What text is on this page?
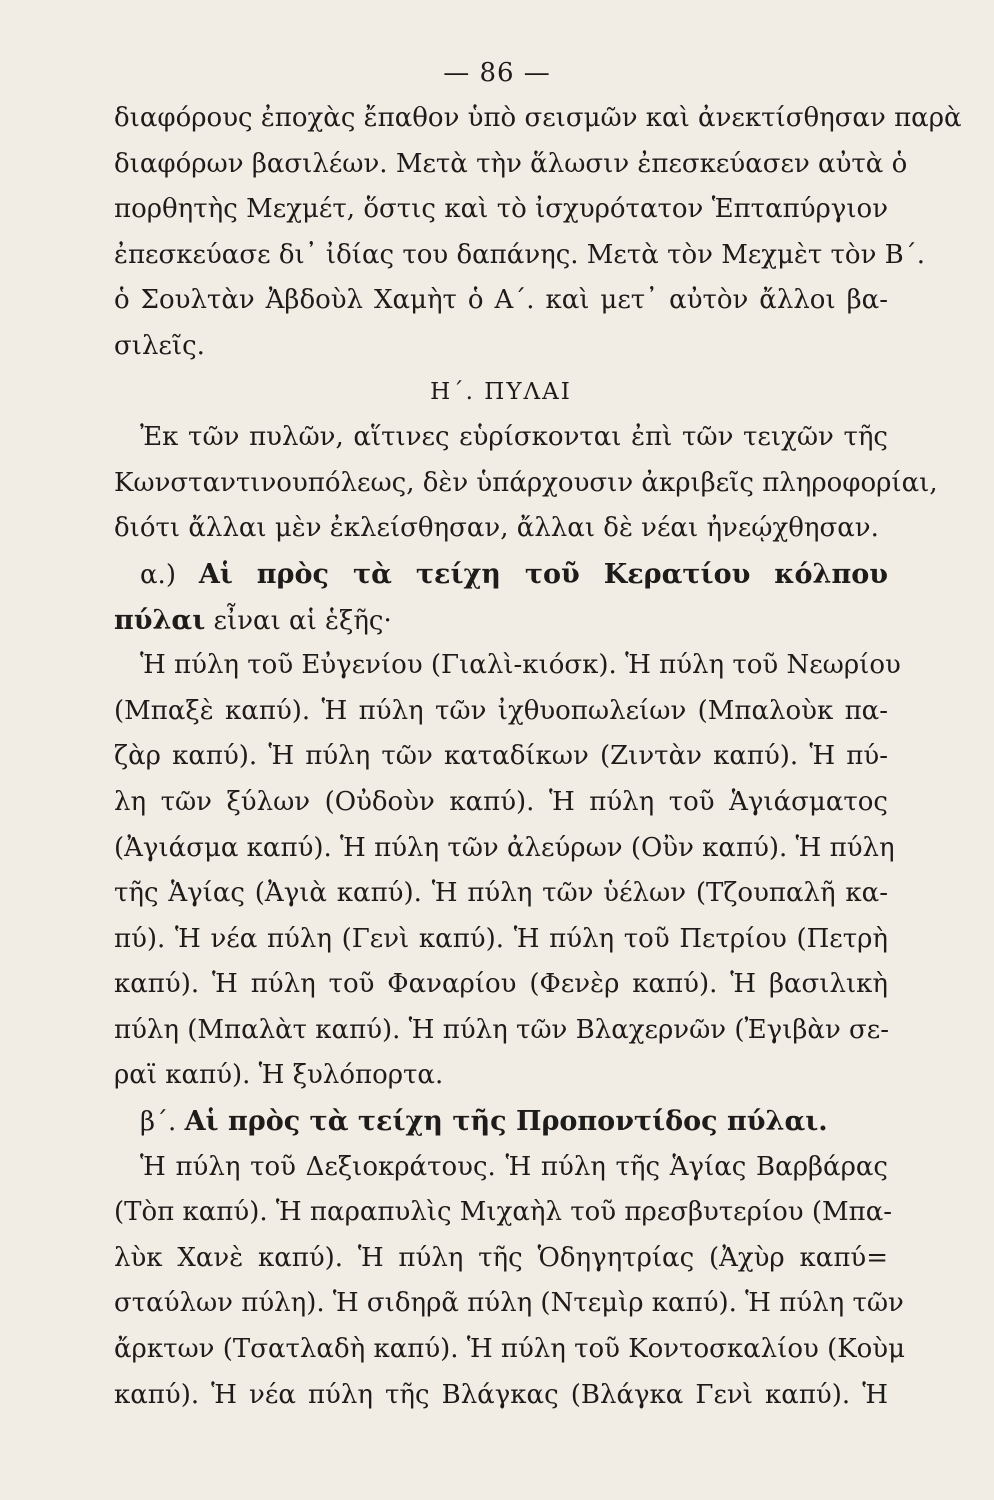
— 86 —
διαφόρους ἐποχὰς ἔπαθον ὑπὸ σεισμῶν καὶ ἀνεκτίσθησαν παρὰ
διαφόρων βασιλέων. Μετὰ τὴν ἅλωσιν ἐπεσκεύασεν αὐτὰ ὁ
πορθητὴς Μεχμέτ, ὅστις καὶ τὸ ἰσχυρότατον Ἑπταπύργιον
ἐπεσκεύασε δι᾽ ἰδίας του δαπάνης. Μετὰ τὸν Μεχμὲτ τὸν Β΄.
ὁ Σουλτὰν Ἀβδοὺλ Χαμὴτ ὁ Α΄. καὶ μετ᾽ αὐτὸν ἄλλοι βα-
σιλεῖς.
Η΄. ΠΥΛΑΙ
Ἐκ τῶν πυλῶν, αἵτινες εὑρίσκονται ἐπὶ τῶν τειχῶν τῆς
Κωνσταντινουπόλεως, δὲν ὑπάρχουσιν ἀκριβεῖς πληροφορίαι,
διότι ἄλλαι μὲν ἐκλείσθησαν, ἄλλαι δὲ νέαι ἠνεῴχθησαν.
α.) Αἱ πρὸς τὰ τείχη τοῦ Κερατίου κόλπου
πύλαι εἶναι αἱ ἑξῆς·
Ἡ πύλη τοῦ Εὐγενίου (Γιαλὶ-κιόσκ). Ἡ πύλη τοῦ Νεωρίου
(Μπαξὲ καπύ). Ἡ πύλη τῶν ἰχθυοπωλείων (Μπαλοὺκ πα-
ζὰρ καπύ). Ἡ πύλη τῶν καταδίκων (Ζιντὰν καπύ). Ἡ πύ-
λη τῶν ξύλων (Οὐδοὺν καπύ). Ἡ πύλη τοῦ Ἁγιάσματος
(Ἀγιάσμα καπύ). Ἡ πύλη τῶν ἀλεύρων (Οὒν καπύ). Ἡ πύλη
τῆς Ἁγίας (Ἀγιὰ καπύ). Ἡ πύλη τῶν ὑέλων (Τζουπαλῆ κα-
πύ). Ἡ νέα πύλη (Γενὶ καπύ). Ἡ πύλη τοῦ Πετρίου (Πετρὴ
καπύ). Ἡ πύλη τοῦ Φαναρίου (Φενὲρ καπύ). Ἡ βασιλικὴ
πύλη (Μπαλὰτ καπύ). Ἡ πύλη τῶν Βλαχερνῶν (Ἐγιβὰν σε-
ραϊ καπύ). Ἡ ξυλόπορτα.
β΄. Αἱ πρὸς τὰ τείχη τῆς Προποντίδος πύλαι.
Ἡ πύλη τοῦ Δεξιοκράτους. Ἡ πύλη τῆς Ἁγίας Βαρβάρας
(Τὸπ καπύ). Ἡ παραπυλὶς Μιχαὴλ τοῦ πρεσβυτερίου (Μπα-
λὺκ Χανὲ καπύ). Ἡ πύλη τῆς Ὁδηγητρίας (Ἀχὺρ καπύ=
σταύλων πύλη). Ἡ σιδηρᾶ πύλη (Ντεμὶρ καπύ). Ἡ πύλη τῶν
ἄρκτων (Τσατλαδὴ καπύ). Ἡ πύλη τοῦ Κοντοσκαλίου (Κοὺμ
καπύ). Ἡ νέα πύλη τῆς Βλάγκας (Βλάγκα Γενὶ καπύ). Ἡ
